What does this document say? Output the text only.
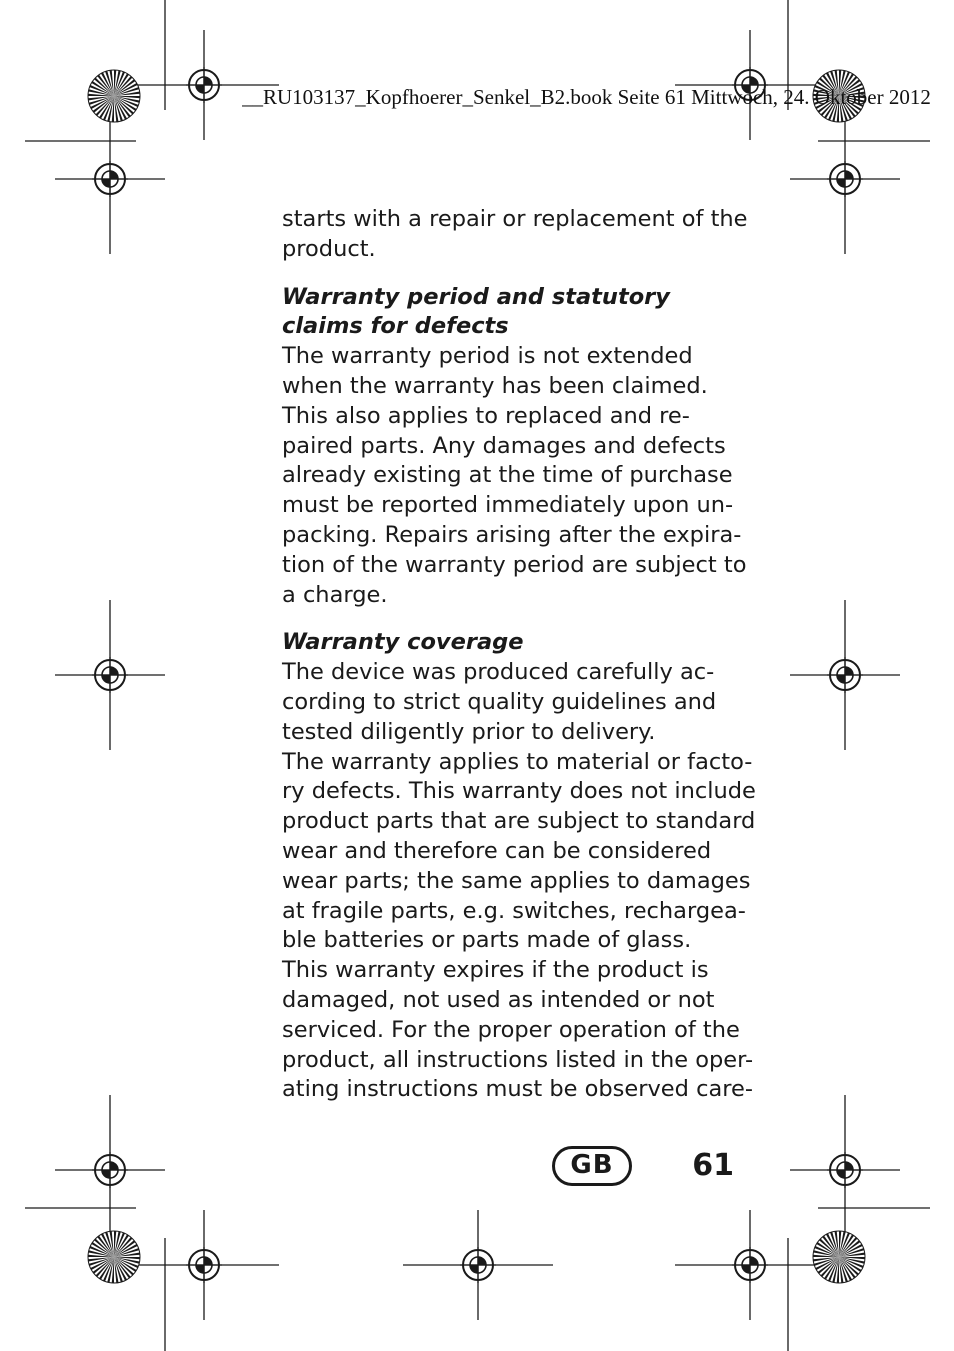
__RU103137_Kopfhoerer_Senkel_B2.book Seite 61 Mittwoch, 24. Oktober 2012
starts with a repair or replacement of the
product.
Warranty period and statutory
claims for defects
The warranty period is not extended
when the warranty has been claimed.
This also applies to replaced and re-
paired parts. Any damages and defects
already existing at the time of purchase
must be reported immediately upon un-
packing. Repairs arising after the expira-
tion of the warranty period are subject to
a charge.
Warranty coverage
The device was produced carefully ac-
cording to strict quality guidelines and
tested diligently prior to delivery.
The warranty applies to material or facto-
ry defects. This warranty does not include
product parts that are subject to standard
wear and therefore can be considered
wear parts; the same applies to damages
at fragile parts, e.g. switches, rechargea-
ble batteries or parts made of glass.
This warranty expires if the product is
damaged, not used as intended or not
serviced. For the proper operation of the
product, all instructions listed in the oper-
ating instructions must be observed care-
GB	61
